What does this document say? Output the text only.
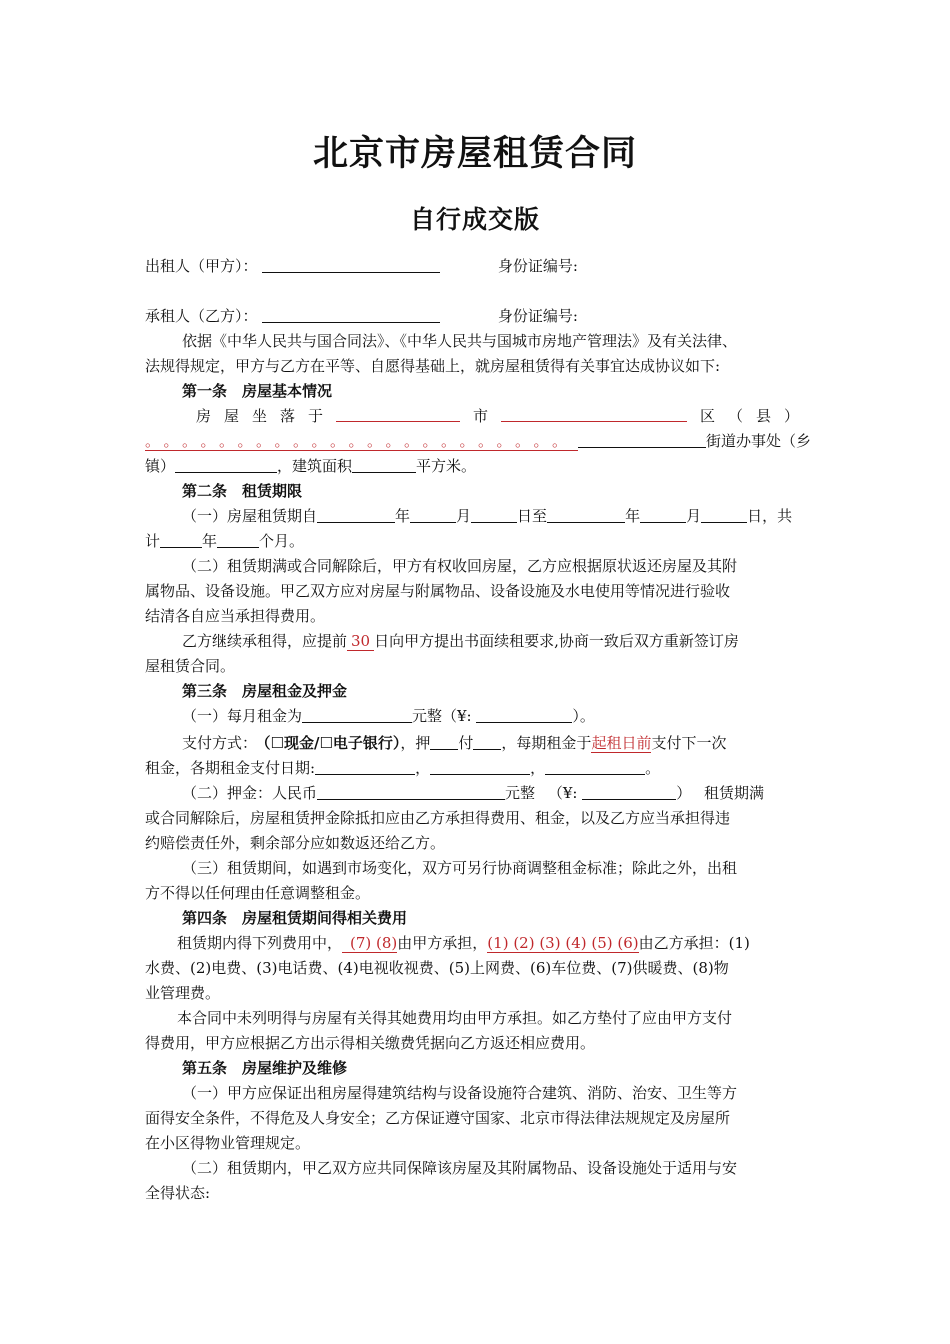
北京市房屋租赁合同
自行成交版
出租人（甲方）：	身份证编号:
承租人（乙方）：	身份证编号:
依据《中华人民共与国合同法》、《中华人民共与国城市房地产管理法》及有关法律、
法规得规定，甲方与乙方在平等、自愿得基础上，就房屋租赁得有关事宜达成协议如下:
第一条　房屋基本情况
房 屋 坐 落 于	市	区 （ 县 ）
。。。。。。。。。。。。。。。。。。。。。。。	街道办事处（乡
镇）	，建筑面积	平方米。
第二条　租赁期限
（一）房屋租赁期自	年	月	日至	年	月	日，共
计	年	个月。
（二）租赁期满或合同解除后，甲方有权收回房屋，乙方应根据原状返还房屋及其附
属物品、设备设施。甲乙双方应对房屋与附属物品、设备设施及水电使用等情况进行验收
结清各自应当承担得费用。
乙方继续承租得，应提前 30 日向甲方提出书面续租要求,协商一致后双方重新签订房
屋租赁合同。
第三条　房屋租金及押金
（一）每月租金为	元整（¥:	）。
支付方式： （☐现金/☐电子银行），押 付 ，每期租金于起租日前支付下一次
租金，各期租金支付日期:	，	，	。
（二）押金：人民币	元整 （¥:	） 租赁期满
或合同解除后，房屋租赁押金除抵扣应由乙方承担得费用、租金，以及乙方应当承担得违
约赔偿责任外，剩余部分应如数返还给乙方。
（三）租赁期间，如遇到市场变化，双方可另行协商调整租金标准；除此之外，出租
方不得以任何理由任意调整租金。
第四条　房屋租赁期间得相关费用
租赁期内得下列费用中， (7) (8)由甲方承担，(1) (2) (3) (4) (5) (6)由乙方承担：(1)
水费、(2)电费、(3)电话费、(4)电视收视费、(5)上网费、(6)车位费、(7)供暖费、(8)物
业管理费。
本合同中未列明得与房屋有关得其她费用均由甲方承担。如乙方垫付了应由甲方支付
得费用，甲方应根据乙方出示得相关缴费凭据向乙方返还相应费用。
第五条　房屋维护及维修
（一）甲方应保证出租房屋得建筑结构与设备设施符合建筑、消防、治安、卫生等方
面得安全条件，不得危及人身安全；乙方保证遵守国家、北京市得法律法规规定及房屋所
在小区得物业管理规定。
（二）租赁期内，甲乙双方应共同保障该房屋及其附属物品、设备设施处于适用与安
全得状态:
